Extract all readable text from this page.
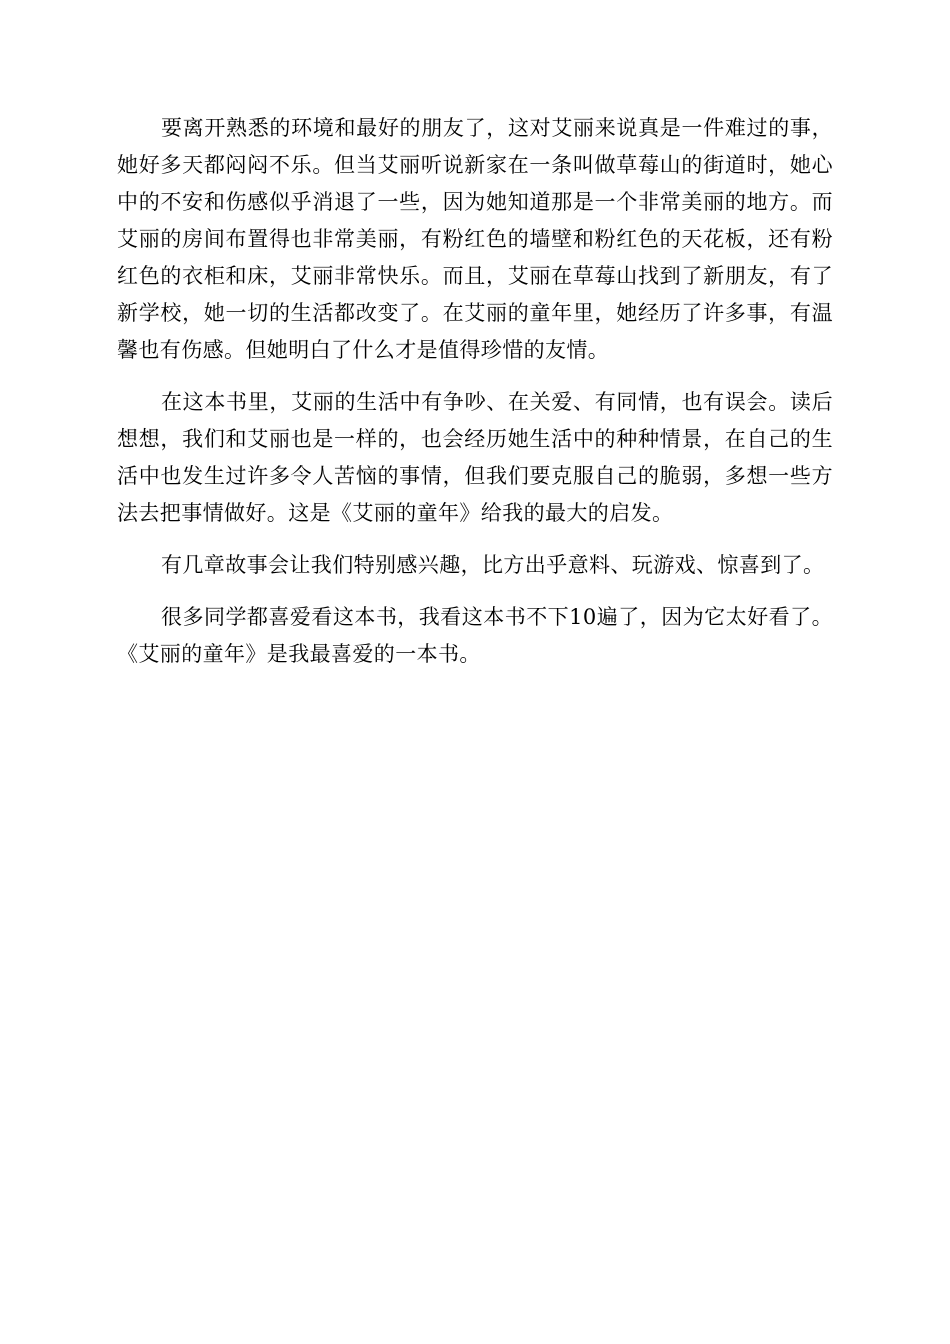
要离开熟悉的环境和最好的朋友了，这对艾丽来说真是一件难过的事，她好多天都闷闷不乐。但当艾丽听说新家在一条叫做草莓山的街道时，她心中的不安和伤感似乎消退了一些，因为她知道那是一个非常美丽的地方。而艾丽的房间布置得也非常美丽，有粉红色的墙壁和粉红色的天花板，还有粉红色的衣柜和床，艾丽非常快乐。而且，艾丽在草莓山找到了新朋友，有了新学校，她一切的生活都改变了。在艾丽的童年里，她经历了许多事，有温馨也有伤感。但她明白了什么才是值得珍惜的友情。

在这本书里，艾丽的生活中有争吵、在关爱、有同情，也有误会。读后想想，我们和艾丽也是一样的，也会经历她生活中的种种情景，在自己的生活中也发生过许多令人苦恼的事情，但我们要克服自己的脆弱，多想一些方法去把事情做好。这是《艾丽的童年》给我的最大的启发。

有几章故事会让我们特别感兴趣，比方出乎意料、玩游戏、惊喜到了。

很多同学都喜爱看这本书，我看这本书不下10遍了，因为它太好看了。《艾丽的童年》是我最喜爱的一本书。
